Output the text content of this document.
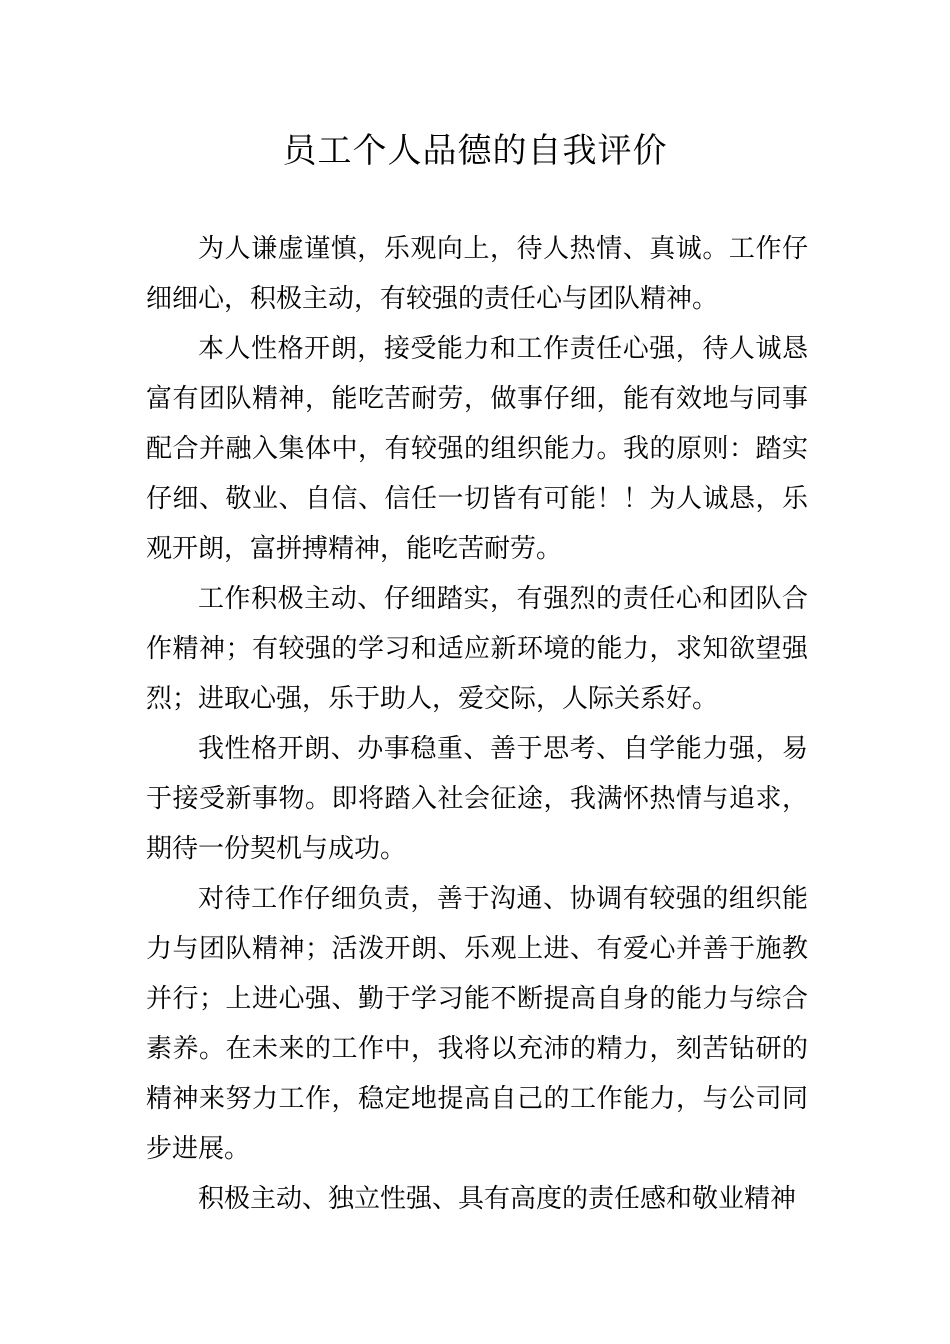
员工个人品德的自我评价

为人谦虚谨慎，乐观向上，待人热情、真诚。工作仔细细心，积极主动，有较强的责任心与团队精神。

本人性格开朗，接受能力和工作责任心强，待人诚恳富有团队精神，能吃苦耐劳，做事仔细，能有效地与同事配合并融入集体中，有较强的组织能力。我的原则：踏实仔细、敬业、自信、信任一切皆有可能！！为人诚恳，乐观开朗，富拼搏精神，能吃苦耐劳。

工作积极主动、仔细踏实，有强烈的责任心和团队合作精神；有较强的学习和适应新环境的能力，求知欲望强烈；进取心强，乐于助人，爱交际，人际关系好。

我性格开朗、办事稳重、善于思考、自学能力强，易于接受新事物。即将踏入社会征途，我满怀热情与追求，期待一份契机与成功。

对待工作仔细负责，善于沟通、协调有较强的组织能力与团队精神；活泼开朗、乐观上进、有爱心并善于施教并行；上进心强、勤于学习能不断提高自身的能力与综合素养。在未来的工作中，我将以充沛的精力，刻苦钻研的精神来努力工作，稳定地提高自己的工作能力，与公司同步进展。

积极主动、独立性强、具有高度的责任感和敬业精神
